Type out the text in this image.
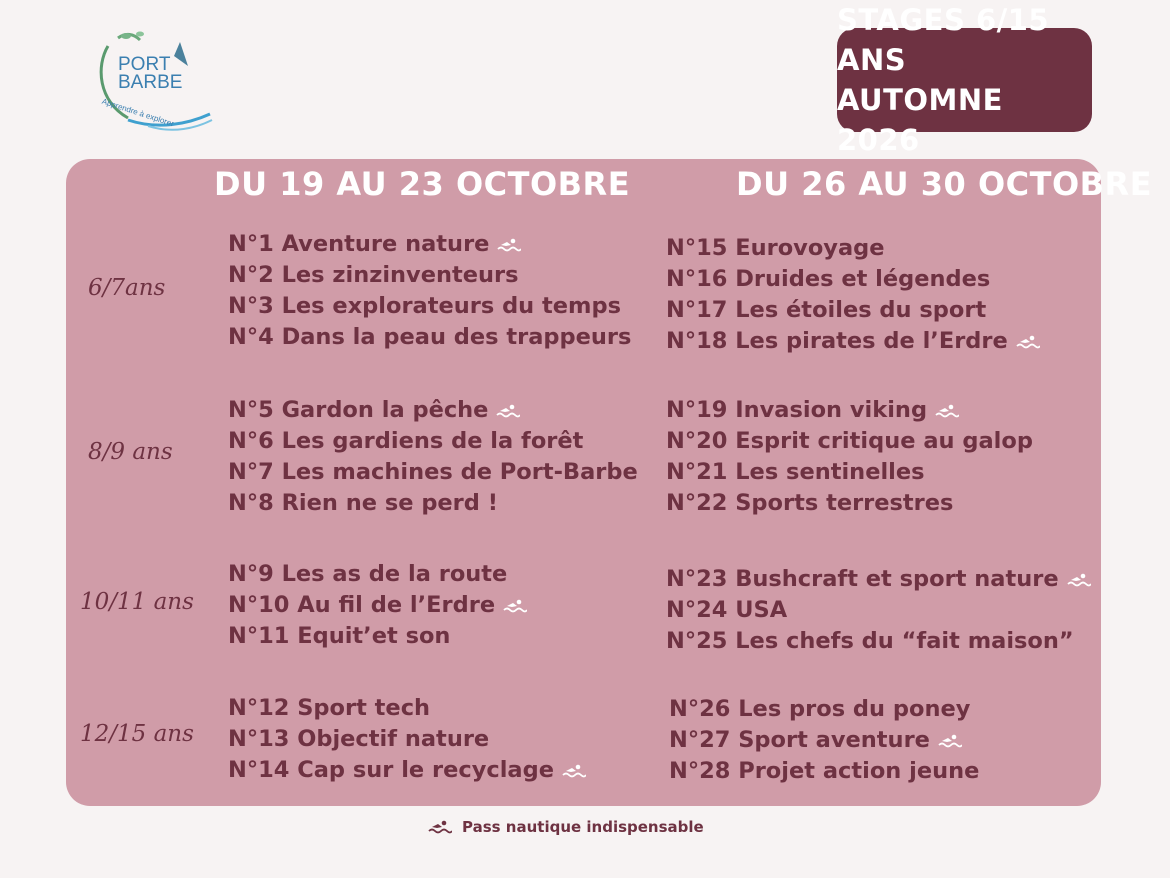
PORT
BARBE
Apprendre à explorer
STAGES 6/15 ANS
AUTOMNE 2026
DU 19 AU 23 OCTOBRE	DU 26 AU 30 OCTOBRE
6/7ans
8/9 ans
10/11 ans
12/15 ans
N°1 Aventure nature
N°2 Les zinzinventeurs
N°3 Les explorateurs du temps
N°4 Dans la peau des trappeurs
N°15 Eurovoyage
N°16 Druides et légendes
N°17 Les étoiles du sport
N°18 Les pirates de l’Erdre
N°5 Gardon la pêche
N°6 Les gardiens de la forêt
N°7 Les machines de Port-Barbe
N°8 Rien ne se perd !
N°19 Invasion viking
N°20 Esprit critique au galop
N°21 Les sentinelles
N°22 Sports terrestres
N°9 Les as de la route
N°10 Au fil de l’Erdre
N°11 Equit’et son
N°23 Bushcraft et sport nature
N°24 USA
N°25 Les chefs du “fait maison”
N°12 Sport tech
N°13 Objectif nature
N°14 Cap sur le recyclage
N°26 Les pros du poney
N°27 Sport aventure
N°28 Projet action jeune
Pass nautique indispensable
